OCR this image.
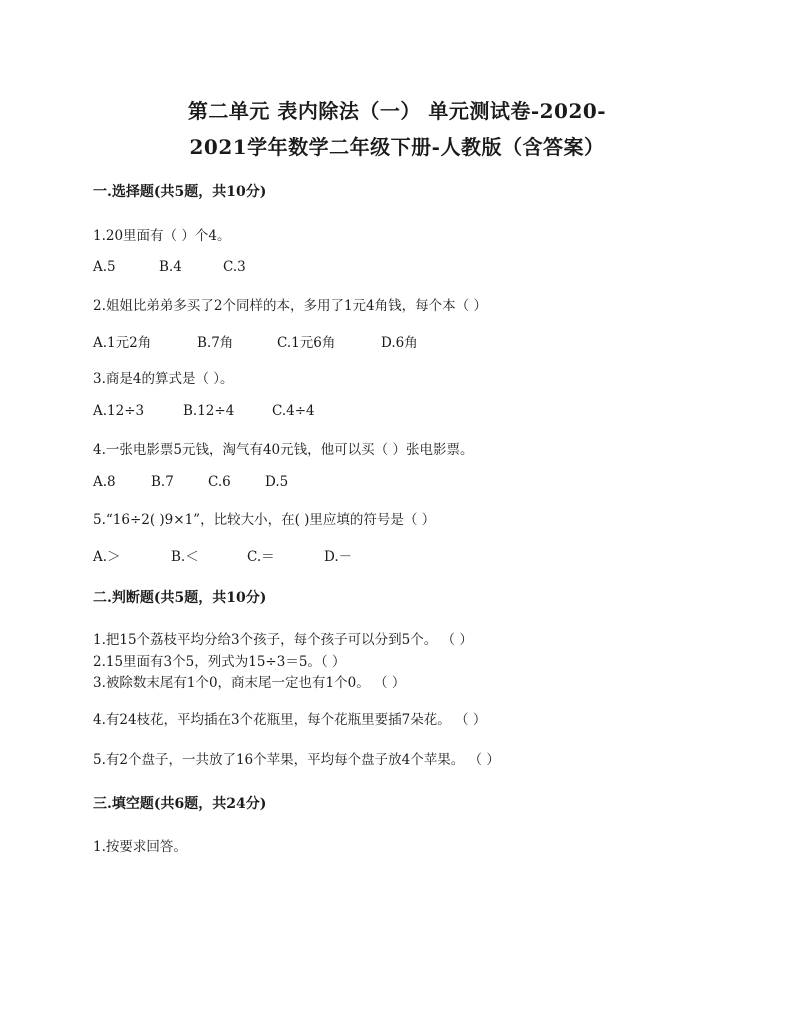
第二单元 表内除法（一） 单元测试卷-2020-
2021学年数学二年级下册-人教版（含答案）
一.选择题(共5题，共10分)
1.20里面有（ ）个4。
A.5	B.4	C.3
2.姐姐比弟弟多买了2个同样的本，多用了1元4角钱，每个本（ ）
A.1元2角	B.7角	C.1元6角	D.6角
3.商是4的算式是（ ）。
A.12÷3	B.12÷4	C.4÷4
4.一张电影票5元钱，淘气有40元钱，他可以买（ ）张电影票。
A.8	B.7	C.6	D.5
5.“16÷2( )9×1”，比较大小，在( )里应填的符号是（ ）
A.＞	B.＜	C.＝	D.－
二.判断题(共5题，共10分)
1.把15个荔枝平均分给3个孩子，每个孩子可以分到5个。 （ ）
2.15里面有3个5，列式为15÷3＝5。（ ）
3.被除数末尾有1个0，商末尾一定也有1个0。 （ ）
4.有24枝花，平均插在3个花瓶里，每个花瓶里要插7朵花。 （ ）
5.有2个盘子，一共放了16个苹果，平均每个盘子放4个苹果。 （ ）
三.填空题(共6题，共24分)
1.按要求回答。
